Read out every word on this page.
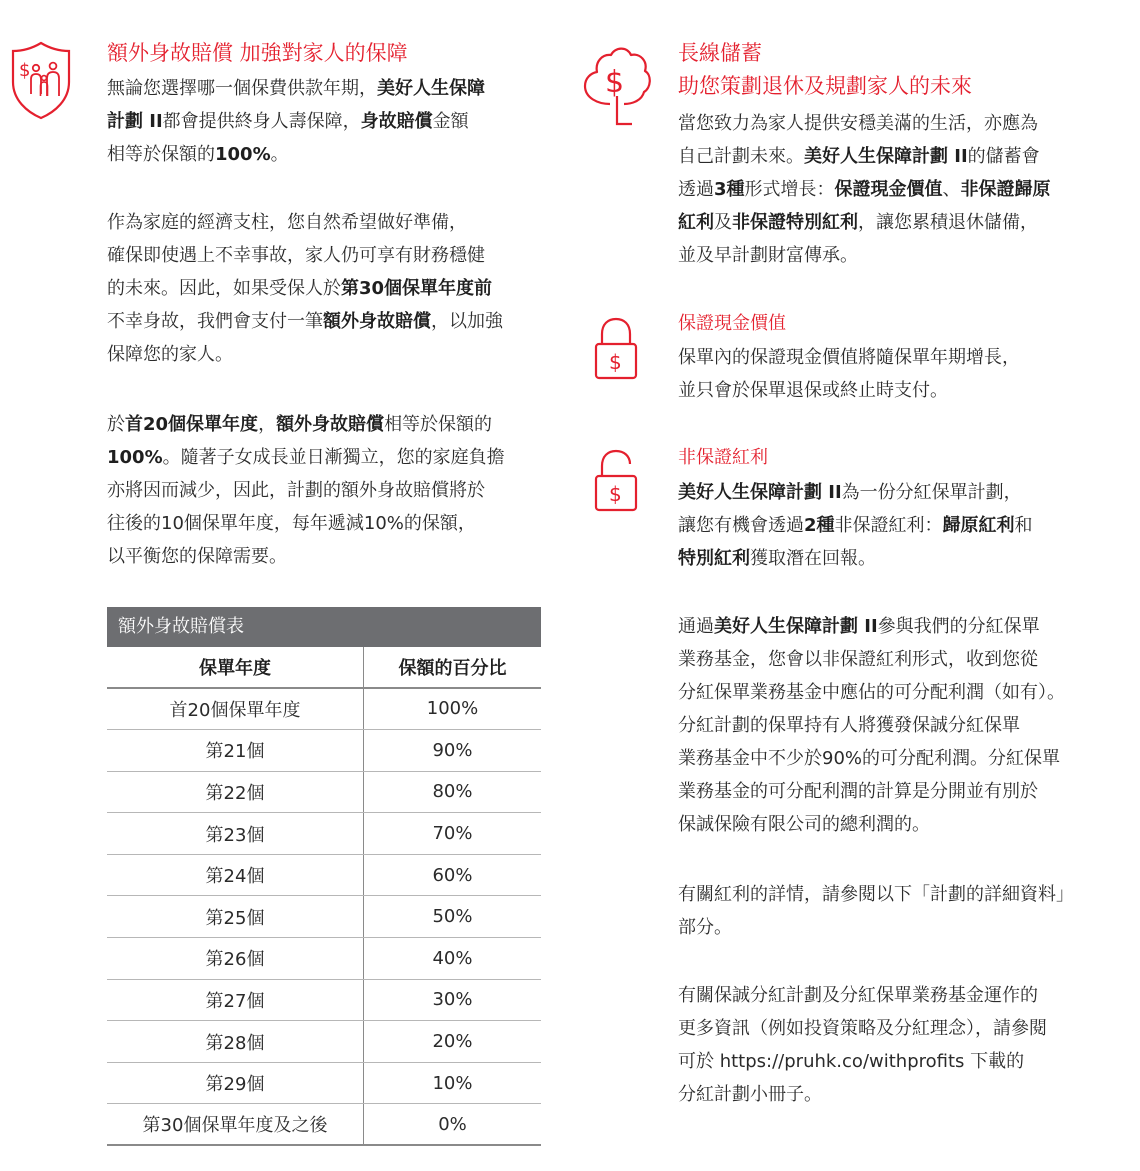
$
額外身故賠償 加強對家人的保障
無論您選擇哪一個保費供款年期，美好人生保障
計劃 II都會提供終身人壽保障，身故賠償金額
相等於保額的100%。
作為家庭的經濟支柱，您自然希望做好準備，
確保即使遇上不幸事故，家人仍可享有財務穩健
的未來。因此，如果受保人於第30個保單年度前
不幸身故，我們會支付一筆額外身故賠償，以加強
保障您的家人。
於首20個保單年度，額外身故賠償相等於保額的
100%。隨著子女成長並日漸獨立，您的家庭負擔
亦將因而減少，因此，計劃的額外身故賠償將於
往後的10個保單年度，每年遞減10%的保額，
以平衡您的保障需要。
額外身故賠償表
保單年度	保額的百分比
首20個保單年度	100%
第21個	90%
第22個	80%
第23個	70%
第24個	60%
第25個	50%
第26個	40%
第27個	30%
第28個	20%
第29個	10%
第30個保單年度及之後	0%
$
長線儲蓄
助您策劃退休及規劃家人的未來
當您致力為家人提供安穩美滿的生活，亦應為
自己計劃未來。美好人生保障計劃 II的儲蓄會
透過3種形式增長：保證現金價值、非保證歸原
紅利及非保證特別紅利，讓您累積退休儲備，
並及早計劃財富傳承。
$
保證現金價值
保單內的保證現金價值將隨保單年期增長，
並只會於保單退保或終止時支付。
$
非保證紅利
美好人生保障計劃 II為一份分紅保單計劃，
讓您有機會透過2種非保證紅利：歸原紅利和
特別紅利獲取潛在回報。
通過美好人生保障計劃 II參與我們的分紅保單
業務基金，您會以非保證紅利形式，收到您從
分紅保單業務基金中應佔的可分配利潤（如有）。
分紅計劃的保單持有人將獲發保誠分紅保單
業務基金中不少於90%的可分配利潤。分紅保單
業務基金的可分配利潤的計算是分開並有別於
保誠保險有限公司的總利潤的。
有關紅利的詳情，請參閱以下「計劃的詳細資料」
部分。
有關保誠分紅計劃及分紅保單業務基金運作的
更多資訊（例如投資策略及分紅理念），請參閱
可於 https://pruhk.co/withprofits 下載的
分紅計劃小冊子。
